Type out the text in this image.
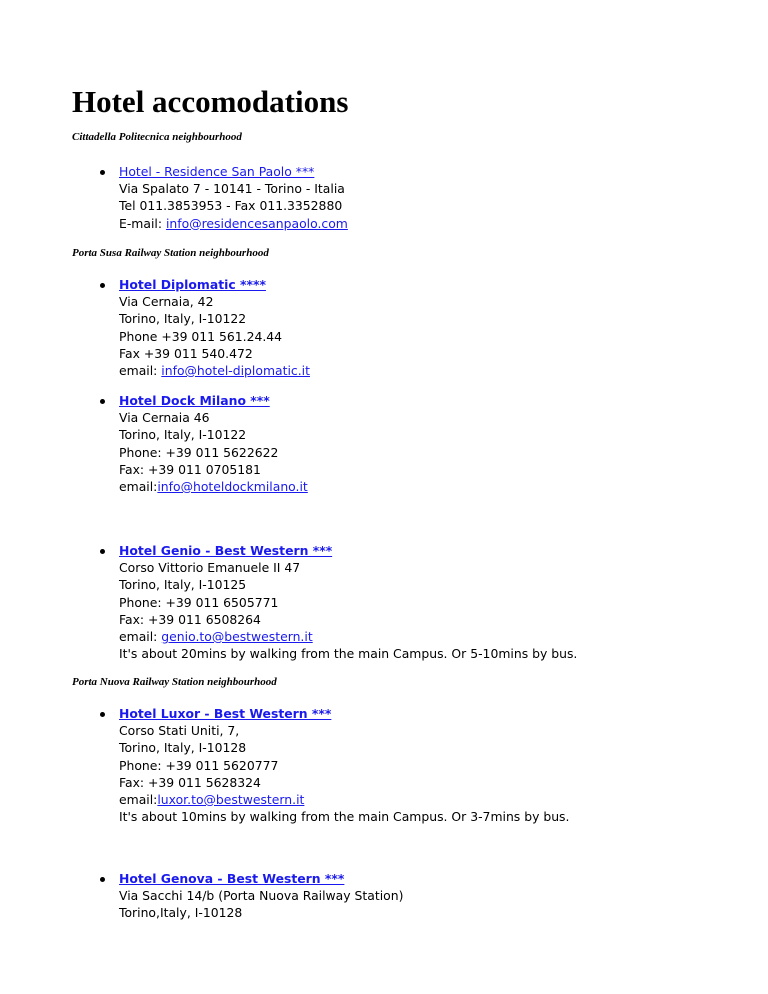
Hotel accomodations

Cittadella Politecnica neighbourhood

Hotel - Residence San Paolo ***
Via Spalato 7 - 10141 - Torino - Italia
Tel 011.3853953 - Fax 011.3352880
E-mail: info@residencesanpaolo.com

Porta Susa Railway Station neighbourhood

Hotel Diplomatic ****
Via Cernaia, 42
Torino, Italy, I-10122
Phone +39 011 561.24.44
Fax +39 011 540.472
email: info@hotel-diplomatic.it
Hotel Dock Milano ***
Via Cernaia 46
Torino, Italy, I-10122
Phone: +39 011 5622622
Fax: +39 011 0705181
email:info@hoteldockmilano.it
Hotel Genio - Best Western ***
Corso Vittorio Emanuele II 47
Torino, Italy, I-10125
Phone: +39 011 6505771
Fax: +39 011 6508264
email: genio.to@bestwestern.it
It's about 20mins by walking from the main Campus. Or 5-10mins by bus.

Porta Nuova Railway Station neighbourhood

Hotel Luxor - Best Western ***
Corso Stati Uniti, 7,
Torino, Italy, I-10128
Phone: +39 011 5620777
Fax: +39 011 5628324
email:luxor.to@bestwestern.it
It's about 10mins by walking from the main Campus. Or 3-7mins by bus.
Hotel Genova - Best Western ***
Via Sacchi 14/b (Porta Nuova Railway Station)
Torino,Italy, I-10128
